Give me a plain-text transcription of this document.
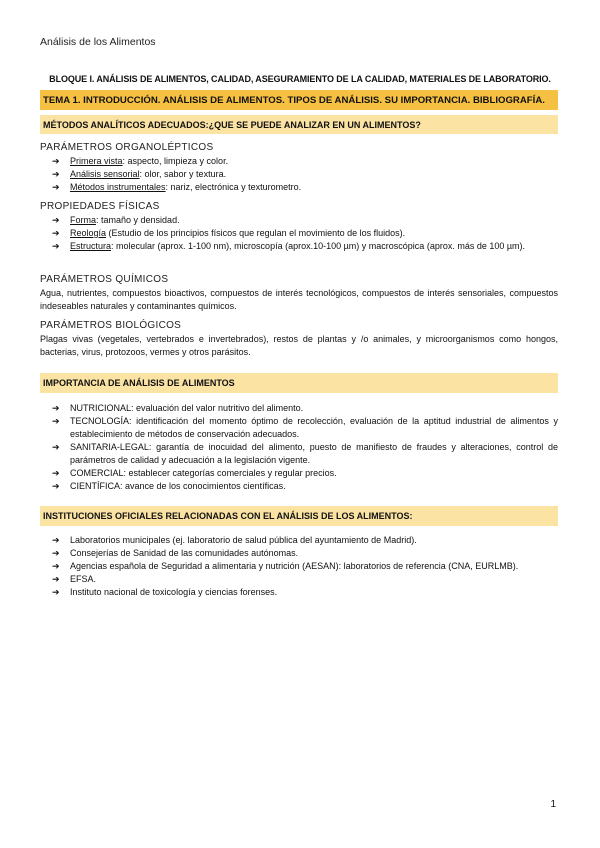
Análisis de los Alimentos
BLOQUE I. ANÁLISIS DE ALIMENTOS, CALIDAD, ASEGURAMIENTO DE LA CALIDAD, MATERIALES DE LABORATORIO.
TEMA 1. INTRODUCCIÓN. ANÁLISIS DE ALIMENTOS. TIPOS DE ANÁLISIS. SU IMPORTANCIA. BIBLIOGRAFÍA.
MÉTODOS ANALÍTICOS ADECUADOS:¿QUE SE PUEDE ANALIZAR EN UN ALIMENTOS?
PARÁMETROS ORGANOLÉPTICOS
➔ Primera vista: aspecto, limpieza y color.
➔ Análisis sensorial: olor, sabor y textura.
➔ Métodos instrumentales: nariz, electrónica y texturometro.
PROPIEDADES FÍSICAS
➔ Forma: tamaño y densidad.
➔ Reología (Estudio de los principios físicos que regulan el movimiento de los fluidos).
➔ Estructura: molecular (aprox. 1-100 nm), microscopía (aprox.10-100 µm) y macroscópica (aprox. más de 100 µm).
PARÁMETROS QUÍMICOS
Agua, nutrientes, compuestos bioactivos, compuestos de interés tecnológicos, compuestos de interés sensoriales, compuestos indeseables naturales y contaminantes químicos.
PARÁMETROS BIOLÓGICOS
Plagas vivas (vegetales, vertebrados e invertebrados), restos de plantas y /o animales, y microorganismos como hongos, bacterias, virus, protozoos, vermes y otros parásitos.
IMPORTANCIA DE ANÁLISIS DE ALIMENTOS
➔ NUTRICIONAL: evaluación del valor nutritivo del alimento.
➔ TECNOLOGÍA: identificación del momento óptimo de recolección, evaluación de la aptitud industrial de alimentos y establecimiento de métodos de conservación adecuados.
➔ SANITARIA-LEGAL: garantía de inocuidad del alimento, puesto de manifiesto de fraudes y alteraciones, control de parámetros de calidad y adecuación a la legislación vigente.
➔ COMERCIAL: establecer categorías comerciales y regular precios.
➔ CIENTÍFICA: avance de los conocimientos científicas.
INSTITUCIONES OFICIALES RELACIONADAS CON EL ANÁLISIS DE LOS ALIMENTOS:
➔ Laboratorios municipales (ej. laboratorio de salud pública del ayuntamiento de Madrid).
➔ Consejerías de Sanidad de las comunidades autónomas.
➔ Agencias española de Seguridad a alimentaria y nutrición (AESAN): laboratorios de referencia (CNA, EURLMB).
➔ EFSA.
➔ Instituto nacional de toxicología y ciencias forenses.
1
